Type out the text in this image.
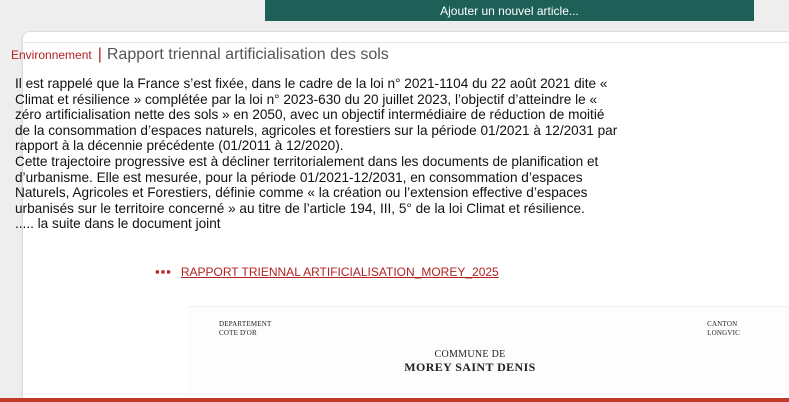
Ajouter un nouvel article...
Environnement | Rapport triennal artificialisation des sols

Il est rappelé que la France s’est fixée, dans le cadre de la loi n° 2021-1104 du 22 août 2021 dite «

Climat et résilience » complétée par la loi n° 2023-630 du 20 juillet 2023, l’objectif d’atteindre le «

zéro artificialisation nette des sols » en 2050, avec un objectif intermédiaire de réduction de moitié

de la consommation d’espaces naturels, agricoles et forestiers sur la période 01/2021 à 12/2031 par

rapport à la décennie précédente (01/2011 à 12/2020).

Cette trajectoire progressive est à décliner territorialement dans les documents de planification et

d’urbanisme. Elle est mesurée, pour la période 01/2021-12/2031, en consommation d’espaces

Naturels, Agricoles et Forestiers, définie comme « la création ou l’extension effective d’espaces

urbanisés sur le territoire concerné » au titre de l’article 194, III, 5° de la loi Climat et résilience.

..... la suite dans le document joint

▪▪▪ RAPPORT TRIENNAL ARTIFICIALISATION_MOREY_2025
DEPARTEMENT
COTE D'OR
CANTON
LONGVIC
COMMUNE DE
MOREY SAINT DENIS
